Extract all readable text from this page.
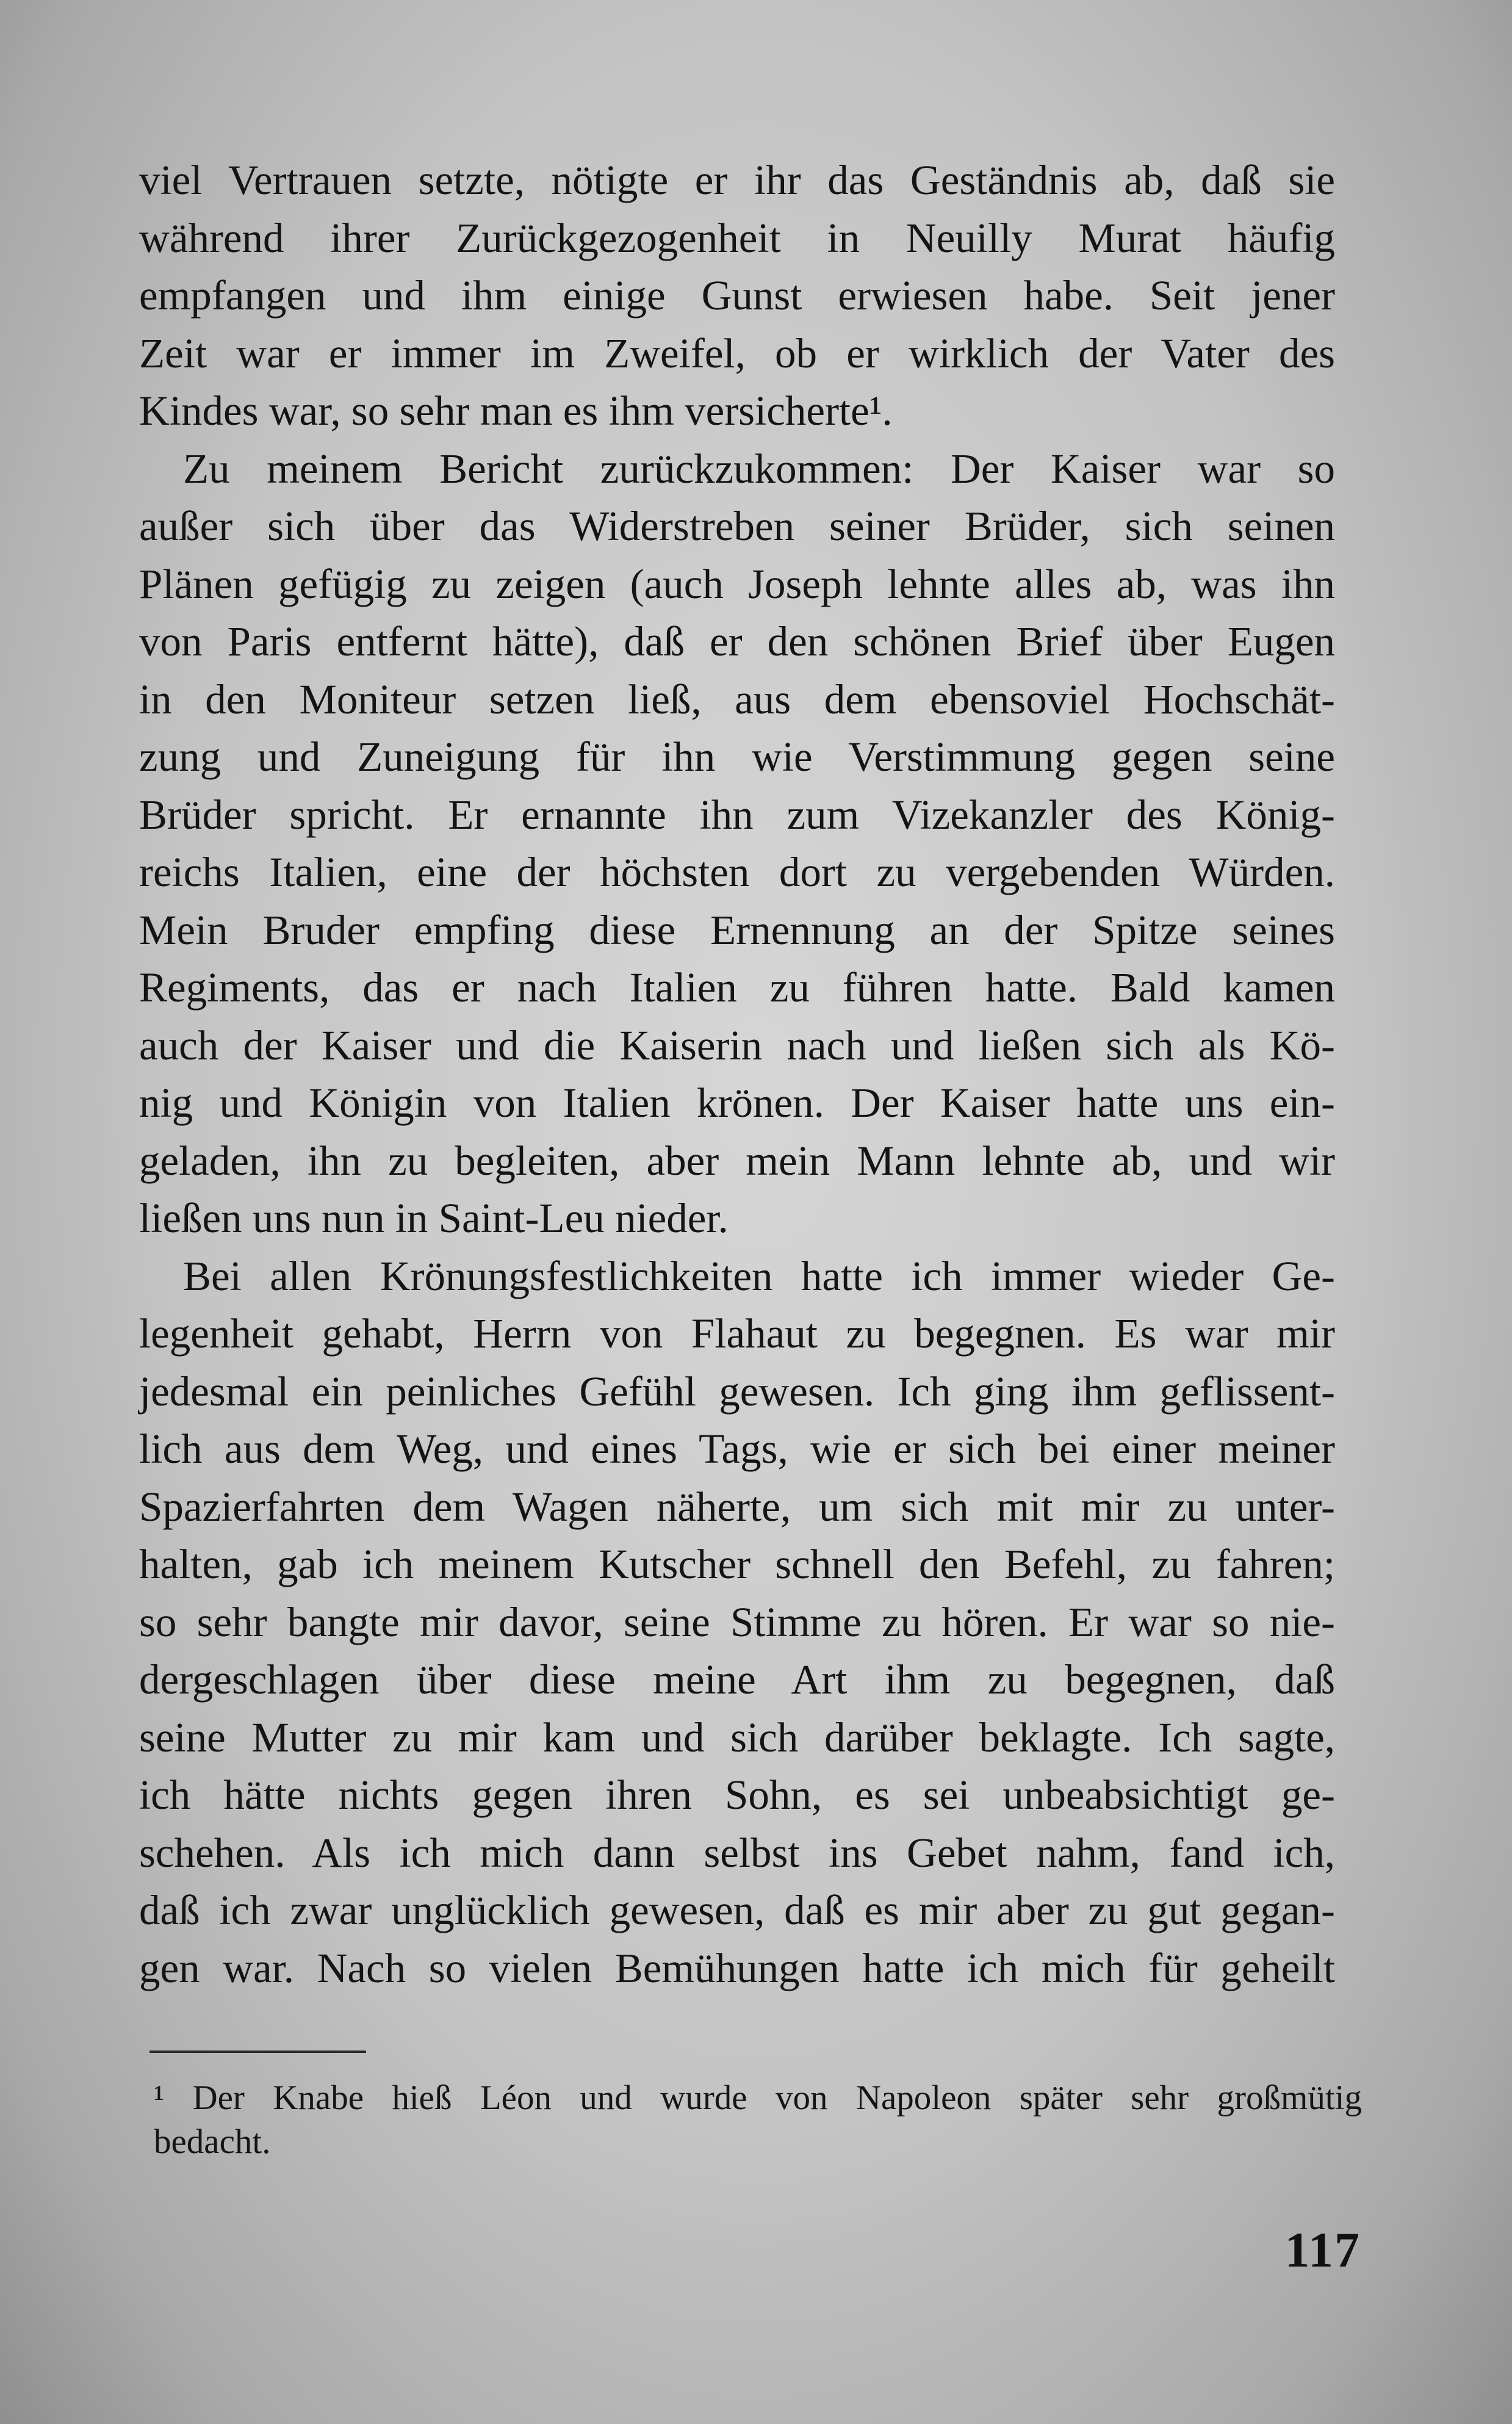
viel Vertrauen setzte, nötigte er ihr das Geständnis ab, daß sie
während ihrer Zurückgezogenheit in Neuilly Murat häufig
empfangen und ihm einige Gunst erwiesen habe. Seit jener
Zeit war er immer im Zweifel, ob er wirklich der Vater des
Kindes war, so sehr man es ihm versicherte¹.
Zu meinem Bericht zurückzukommen: Der Kaiser war so
außer sich über das Widerstreben seiner Brüder, sich seinen
Plänen gefügig zu zeigen (auch Joseph lehnte alles ab, was ihn
von Paris entfernt hätte), daß er den schönen Brief über Eugen
in den Moniteur setzen ließ, aus dem ebensoviel Hochschät-
zung und Zuneigung für ihn wie Verstimmung gegen seine
Brüder spricht. Er ernannte ihn zum Vizekanzler des König-
reichs Italien, eine der höchsten dort zu vergebenden Würden.
Mein Bruder empfing diese Ernennung an der Spitze seines
Regiments, das er nach Italien zu führen hatte. Bald kamen
auch der Kaiser und die Kaiserin nach und ließen sich als Kö-
nig und Königin von Italien krönen. Der Kaiser hatte uns ein-
geladen, ihn zu begleiten, aber mein Mann lehnte ab, und wir
ließen uns nun in Saint-Leu nieder.
Bei allen Krönungsfestlichkeiten hatte ich immer wieder Ge-
legenheit gehabt, Herrn von Flahaut zu begegnen. Es war mir
jedesmal ein peinliches Gefühl gewesen. Ich ging ihm geflissent-
lich aus dem Weg, und eines Tags, wie er sich bei einer meiner
Spazierfahrten dem Wagen näherte, um sich mit mir zu unter-
halten, gab ich meinem Kutscher schnell den Befehl, zu fahren;
so sehr bangte mir davor, seine Stimme zu hören. Er war so nie-
dergeschlagen über diese meine Art ihm zu begegnen, daß
seine Mutter zu mir kam und sich darüber beklagte. Ich sagte,
ich hätte nichts gegen ihren Sohn, es sei unbeabsichtigt ge-
schehen. Als ich mich dann selbst ins Gebet nahm, fand ich,
daß ich zwar unglücklich gewesen, daß es mir aber zu gut gegan-
gen war. Nach so vielen Bemühungen hatte ich mich für geheilt
¹ Der Knabe hieß Léon und wurde von Napoleon später sehr großmütig
bedacht.
117
